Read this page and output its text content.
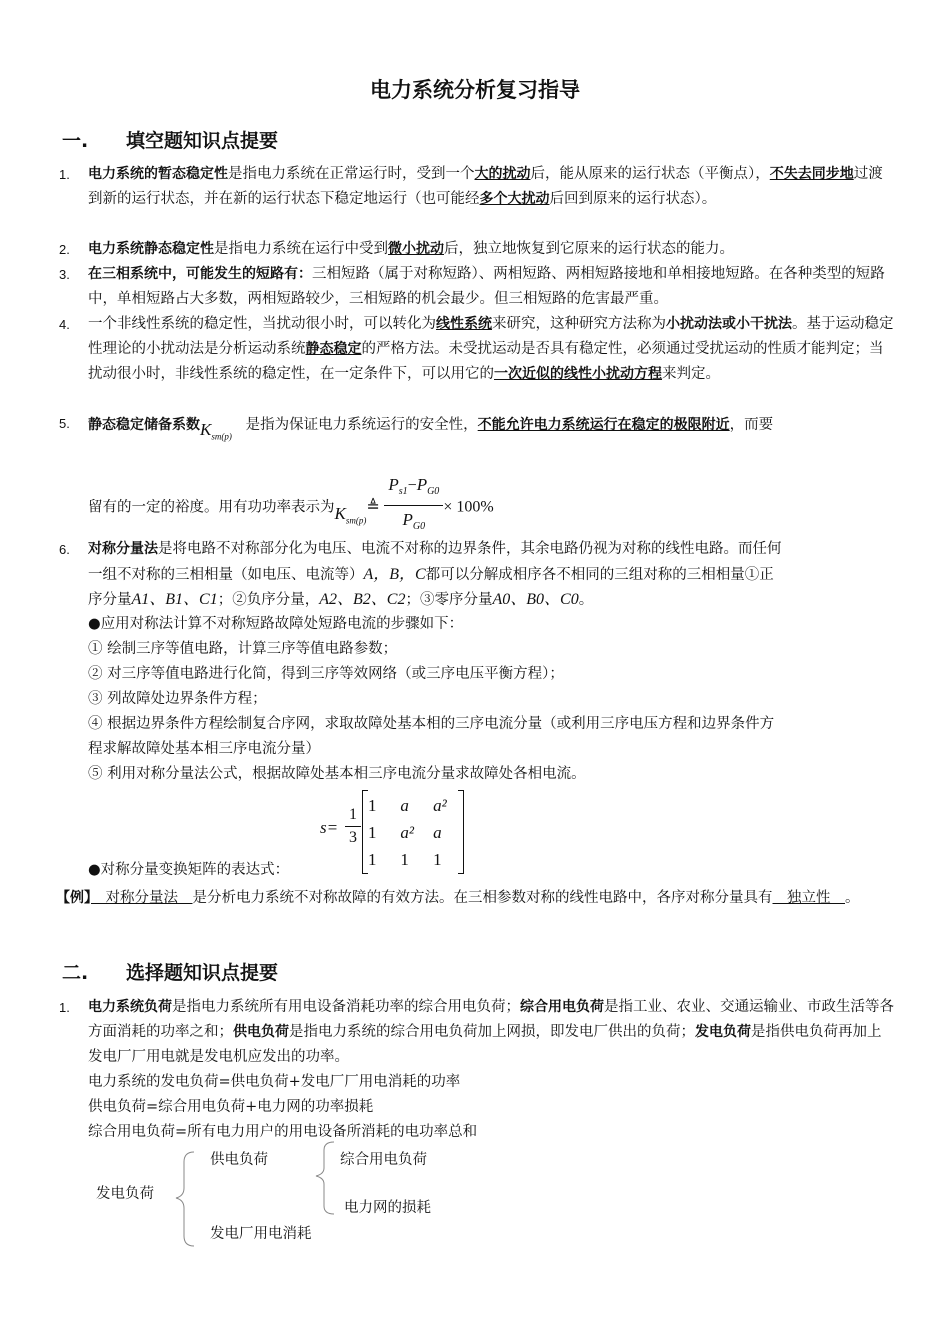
电力系统分析复习指导
一. 填空题知识点提要
1. 电力系统的暂态稳定性是指电力系统在正常运行时，受到一个大的扰动后，能从原来的运行状态（平衡点），不失去同步地过渡到新的运行状态，并在新的运行状态下稳定地运行（也可能经多个大扰动后回到原来的运行状态）。
2. 电力系统静态稳定性是指电力系统在运行中受到微小扰动后，独立地恢复到它原来的运行状态的能力。
3. 在三相系统中，可能发生的短路有：三相短路（属于对称短路）、两相短路、两相短路接地和单相接地短路。在各种类型的短路中，单相短路占大多数，两相短路较少，三相短路的机会最少。但三相短路的危害最严重。
4. 一个非线性系统的稳定性，当扰动很小时，可以转化为线性系统来研究，这种研究方法称为小扰动法或小干扰法。基于运动稳定性理论的小扰动法是分析运动系统静态稳定的严格方法。未受扰运动是否具有稳定性，必须通过受扰运动的性质才能判定；当扰动很小时，非线性系统的稳定性，在一定条件下，可以用它的一次近似的线性小扰动方程来判定。
5. 静态稳定储备系数$K_{sm(p)}$   是指为保证电力系统运行的安全性，不能允许电力系统运行在稳定的极限附近，而要
留有的一定的裕度。用有功功率表示为$K_{sm(p)}≜ \frac{P_{s1}-P_{G0}}{P_{G0}} \times 100\%$
6. 对称分量法是将电路不对称部分化为电压、电流不对称的边界条件，其余电路仍视为对称的线性电路。而任何
一组不对称的三相相量（如电压、电流等）A，B，C都可以分解成相序各不相同的三组对称的三相相量①正
序分量A1、B1、C1；②负序分量，A2、B2、C2；③零序分量A0、B0、C0。
●应用对称法计算不对称短路故障处短路电流的步骤如下：
① 绘制三序等值电路，计算三序等值电路参数；
② 对三序等值电路进行化简，得到三序等效网络（或三序电压平衡方程）；
③ 列故障处边界条件方程；
④ 根据边界条件方程绘制复合序网，求取故障处基本相的三序电流分量（或利用三序电压方程和边界条件方
程求解故障处基本相三序电流分量）
⑤ 利用对称分量法公式，根据故障处基本相三序电流分量求故障处各相电流。
●对称分量变换矩阵的表达式：
s=
1
3
1	a	a²
1	a²	a
1	1	1
【例】　对称分量法　是分析电力系统不对称故障的有效方法。在三相参数对称的线性电路中，各序对称分量具有　独立性　。
二. 选择题知识点提要
1. 电力系统负荷是指电力系统所有用电设备消耗功率的综合用电负荷；综合用电负荷是指工业、农业、交通运输业、市政生活等各方面消耗的功率之和；供电负荷是指电力系统的综合用电负荷加上网损，即发电厂供出的负荷；发电负荷是指供电负荷再加上发电厂厂用电就是发电机应发出的功率。
电力系统的发电负荷=供电负荷+发电厂厂用电消耗的功率
供电负荷=综合用电负荷+电力网的功率损耗
综合用电负荷=所有电力用户的用电设备所消耗的电功率总和
发电负荷
供电负荷
发电厂用电消耗
综合用电负荷
电力网的损耗
